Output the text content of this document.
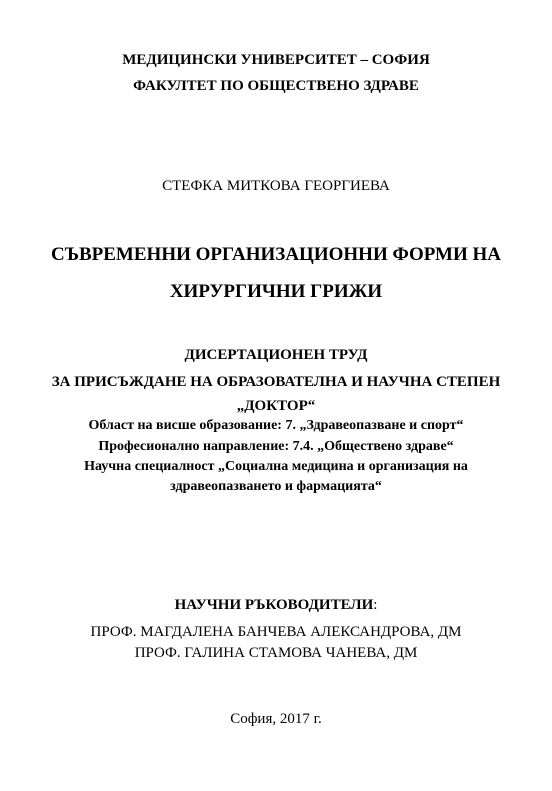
МЕДИЦИНСКИ УНИВЕРСИТЕТ – СОФИЯ
ФАКУЛТЕТ ПО ОБЩЕСТВЕНО ЗДРАВЕ
СТЕФКА МИТКОВА ГЕОРГИЕВА
СЪВРЕМЕННИ ОРГАНИЗАЦИОННИ ФОРМИ НА
ХИРУРГИЧНИ ГРИЖИ
ДИСЕРТАЦИОНЕН ТРУД
ЗА ПРИСЪЖДАНЕ НА ОБРАЗОВАТЕЛНА И НАУЧНА СТЕПЕН
„ДОКТОР“
Област на висше образование: 7. „Здравеопазване и спорт“
Професионално направление: 7.4. „Обществено здраве“
Научна специалност „Социална медицина и организация на
здравеопазването и фармацията“
НАУЧНИ РЪКОВОДИТЕЛИ:
ПРОФ. МАГДАЛЕНА БАНЧЕВА АЛЕКСАНДРОВА, ДМ
ПРОФ. ГАЛИНА СТАМОВА ЧАНЕВА, ДМ
София, 2017 г.
